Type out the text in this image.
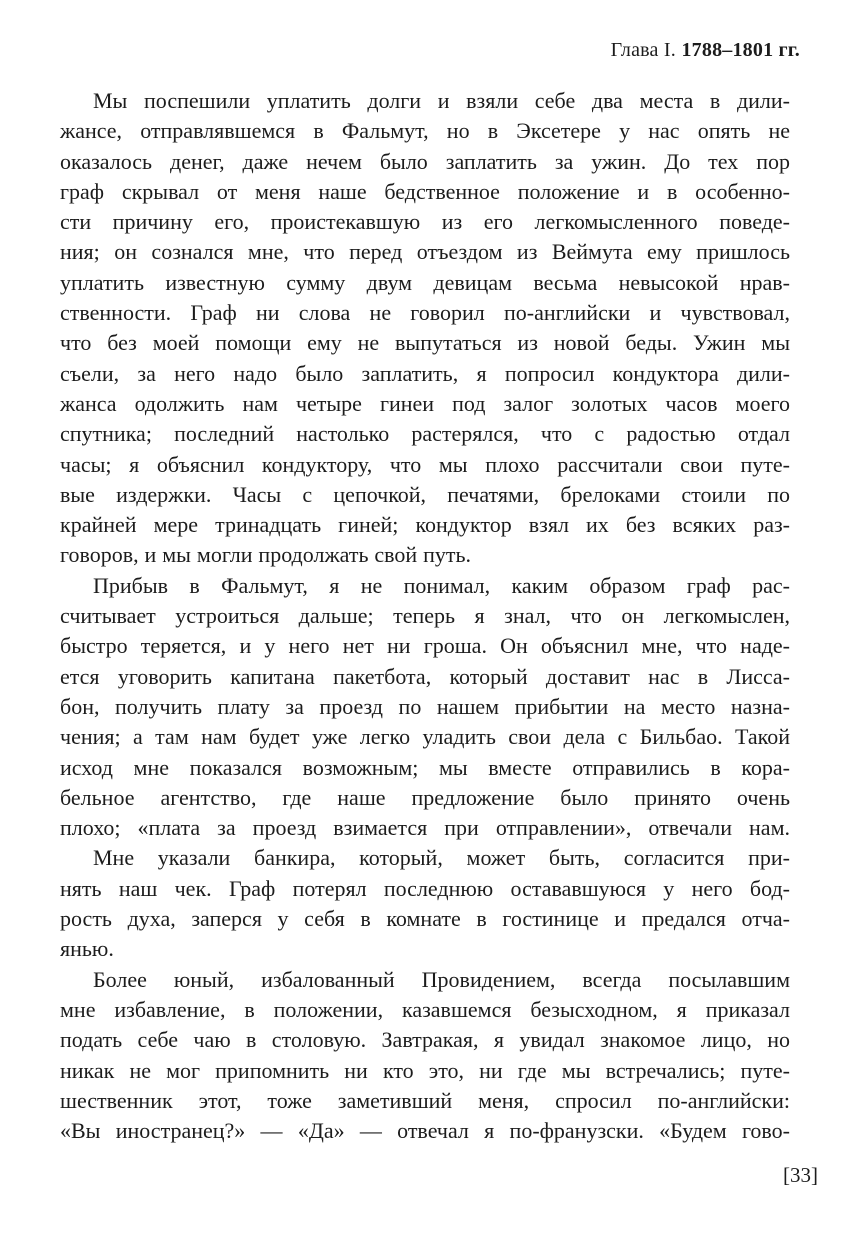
Глава I. 1788–1801 гг.
Мы поспешили уплатить долги и взяли себе два места в дили-
жансе, отправлявшемся в Фальмут, но в Эксетере у нас опять не
оказалось денег, даже нечем было заплатить за ужин. До тех пор
граф скрывал от меня наше бедственное положение и в особенно-
сти причину его, проистекавшую из его легкомысленного поведе-
ния; он сознался мне, что перед отъездом из Веймута ему пришлось
уплатить известную сумму двум девицам весьма невысокой нрав-
ственности. Граф ни слова не говорил по-английски и чувствовал,
что без моей помощи ему не выпутаться из новой беды. Ужин мы
съели, за него надо было заплатить, я попросил кондуктора дили-
жанса одолжить нам четыре гинеи под залог золотых часов моего
спутника; последний настолько растерялся, что с радостью отдал
часы; я объяснил кондуктору, что мы плохо рассчитали свои путе-
вые издержки. Часы с цепочкой, печатями, брелоками стоили по
крайней мере тринадцать гиней; кондуктор взял их без всяких раз-
говоров, и мы могли продолжать свой путь.
Прибыв в Фальмут, я не понимал, каким образом граф рас-
считывает устроиться дальше; теперь я знал, что он легкомыслен,
быстро теряется, и у него нет ни гроша. Он объяснил мне, что наде-
ется уговорить капитана пакетбота, который доставит нас в Лисса-
бон, получить плату за проезд по нашем прибытии на место назна-
чения; а там нам будет уже легко уладить свои дела с Бильбао. Такой
исход мне показался возможным; мы вместе отправились в кора-
бельное агентство, где наше предложение было принято очень
плохо; «плата за проезд взимается при отправлении», отвечали нам.
Мне указали банкира, который, может быть, согласится при-
нять наш чек. Граф потерял последнюю остававшуюся у него бод-
рость духа, заперся у себя в комнате в гостинице и предался отча-
янью.
Более юный, избалованный Провидением, всегда посылавшим
мне избавление, в положении, казавшемся безысходном, я приказал
подать себе чаю в столовую. Завтракая, я увидал знакомое лицо, но
никак не мог припомнить ни кто это, ни где мы встречались; путе-
шественник этот, тоже заметивший меня, спросил по-английски:
«Вы иностранец?» — «Да» — отвечал я по-франузски. «Будем гово-
[33]
